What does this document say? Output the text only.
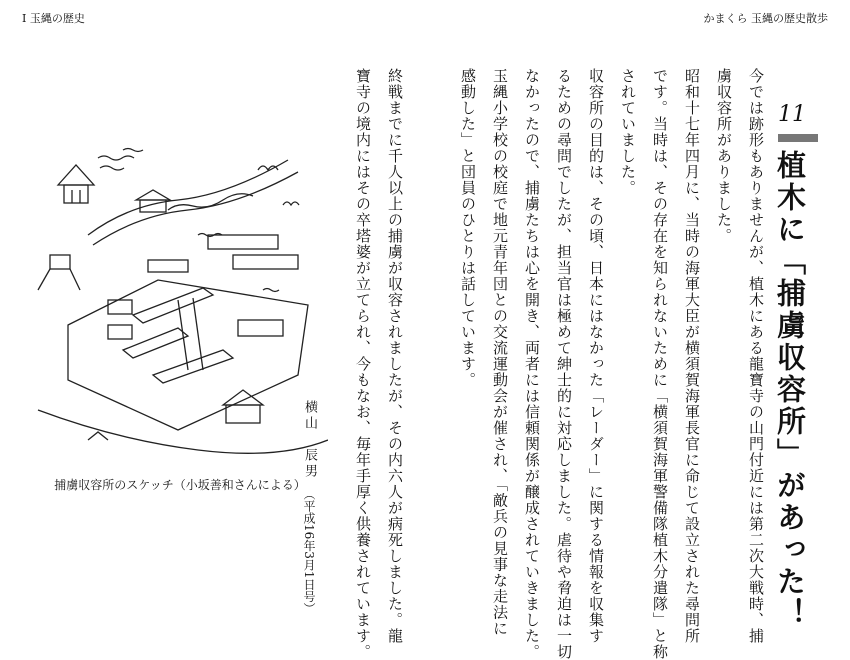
Ⅰ 玉縄の歴史	かまくら 玉縄の歴史散歩
捕虜収容所のスケッチ（小坂善和さんによる）
横山　辰男（平成16年3月1日号）	寶寺の境内にはその卒塔婆が立てられ、今もなお、毎年手厚く供養されています。 終戦までに千人以上の捕虜が収容されましたが、その内六人が病死しました。龍	感動した」と団員のひとりは話しています。 玉縄小学校の校庭で地元青年団との交流運動会が催され、「敵兵の見事な走法に なかったので、捕虜たちは心を開き、両者には信頼関係が醸成されていきました。 るための尋問でしたが、担当官は極めて紳士的に対応しました。虐待や脅迫は一切 収容所の目的は、その頃、日本にはなかった「レーダー」に関する情報を収集す されていました。 です。当時は、その存在を知られないために「横須賀海軍警備隊植木分遣隊」と称 昭和十七年四月に、当時の海軍大臣が横須賀海軍長官に命じて設立された尋問所 虜収容所がありました。 今では跡形もありませんが、植木にある龍寶寺の山門付近には第二次大戦時、捕 11
植木に「捕虜収容所」があった！
